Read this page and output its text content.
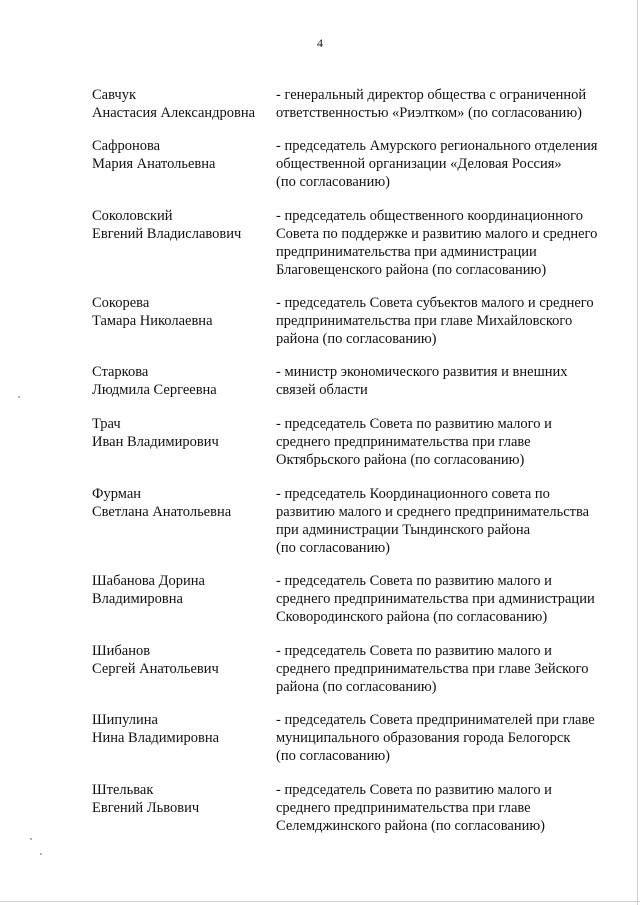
4
Савчук
Анастасия Александровна
- генеральный директор общества с ограниченной
ответственностью «Риэлтком» (по согласованию)
Сафронова
Мария Анатольевна
- председатель Амурского регионального отделения
общественной организации «Деловая Россия»
(по согласованию)
Соколовский
Евгений Владиславович
- председатель общественного координационного
Совета по поддержке и развитию малого и среднего
предпринимательства при администрации
Благовещенского района (по согласованию)
Сокорева
Тамара Николаевна
- председатель Совета субъектов малого и среднего
предпринимательства при главе Михайловского
района (по согласованию)
Старкова
Людмила Сергеевна
- министр экономического развития и внешних
связей области
Трач
Иван Владимирович
- председатель Совета по развитию малого и
среднего предпринимательства при главе
Октябрьского района (по согласованию)
Фурман
Светлана Анатольевна
- председатель Координационного совета по
развитию малого и среднего предпринимательства
при администрации Тындинского района
(по согласованию)
Шабанова Дорина
Владимировна
- председатель Совета по развитию малого и
среднего предпринимательства при администрации
Сковородинского района (по согласованию)
Шибанов
Сергей Анатольевич
- председатель Совета по развитию малого и
среднего предпринимательства при главе Зейского
района (по согласованию)
Шипулина
Нина Владимировна
- председатель Совета предпринимателей при главе
муниципального образования города Белогорск
(по согласованию)
Штельвак
Евгений Львович
- председатель Совета по развитию малого и
среднего предпринимательства при главе
Селемджинского района (по согласованию)
